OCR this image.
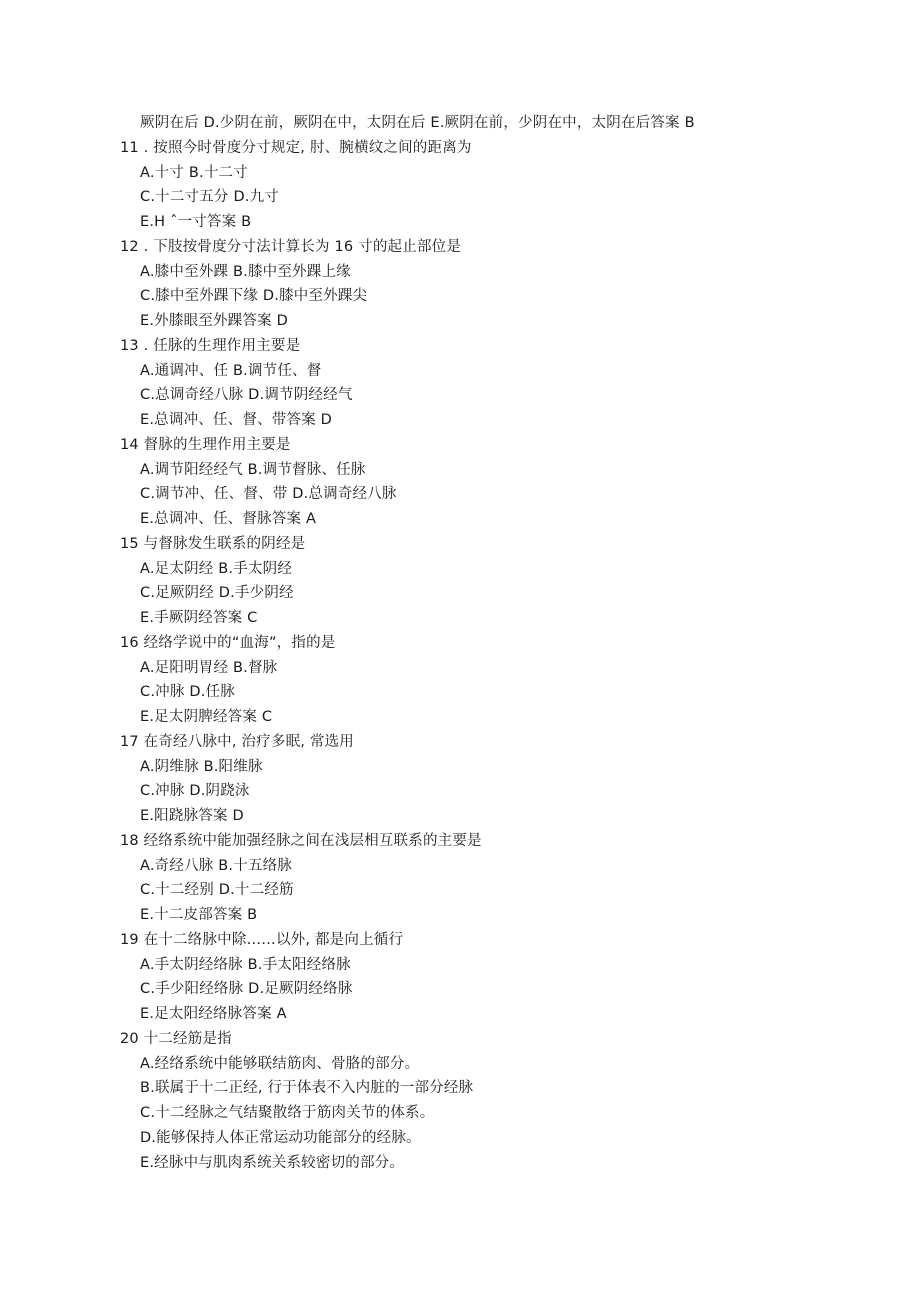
厥阴在后 D.少阴在前，厥阴在中，太阴在后 E.厥阴在前，少阴在中，太阴在后答案 B
11 . 按照今时骨度分寸规定, 肘、腕横纹之间的距离为
A.十寸 B.十二寸
C.十二寸五分 D.九寸
E.H ˆ一寸答案 B
12 . 下肢按骨度分寸法计算长为 16 寸的起止部位是
A.膝中至外踝 B.膝中至外踝上缘
C.膝中至外踝下缘 D.膝中至外踝尖
E.外膝眼至外踝答案 D
13 . 任脉的生理作用主要是
A.通调冲、任 B.调节任、督
C.总调奇经八脉 D.调节阴经经气
E.总调冲、任、督、带答案 D
14 督脉的生理作用主要是
A.调节阳经经气 B.调节督脉、任脉
C.调节冲、任、督、带 D.总调奇经八脉
E.总调冲、任、督脉答案 A
15 与督脉发生联系的阴经是
A.足太阴经 B.手太阴经
C.足厥阴经 D.手少阴经
E.手厥阴经答案 C
16 经络学说中的“血海”，指的是
A.足阳明胃经 B.督脉
C.冲脉 D.任脉
E.足太阴脾经答案 C
17 在奇经八脉中, 治疗多眠, 常选用
A.阴维脉 B.阳维脉
C.冲脉 D.阴跷泳
E.阳跷脉答案 D
18 经络系统中能加强经脉之间在浅层相互联系的主要是
A.奇经八脉 B.十五络脉
C.十二经别 D.十二经筋
E.十二皮部答案 B
19 在十二络脉中除……以外, 都是向上循行
A.手太阴经络脉 B.手太阳经络脉
C.手少阳经络脉 D.足厥阴经络脉
E.足太阳经络脉答案 A
20 十二经筋是指
A.经络系统中能够联结筋肉、骨胳的部分。
B.联属于十二正经, 行于体表不入内脏的一部分经脉
C.十二经脉之气结聚散络于筋肉关节的体系。
D.能够保持人体正常运动功能部分的经脉。
E.经脉中与肌肉系统关系较密切的部分。
